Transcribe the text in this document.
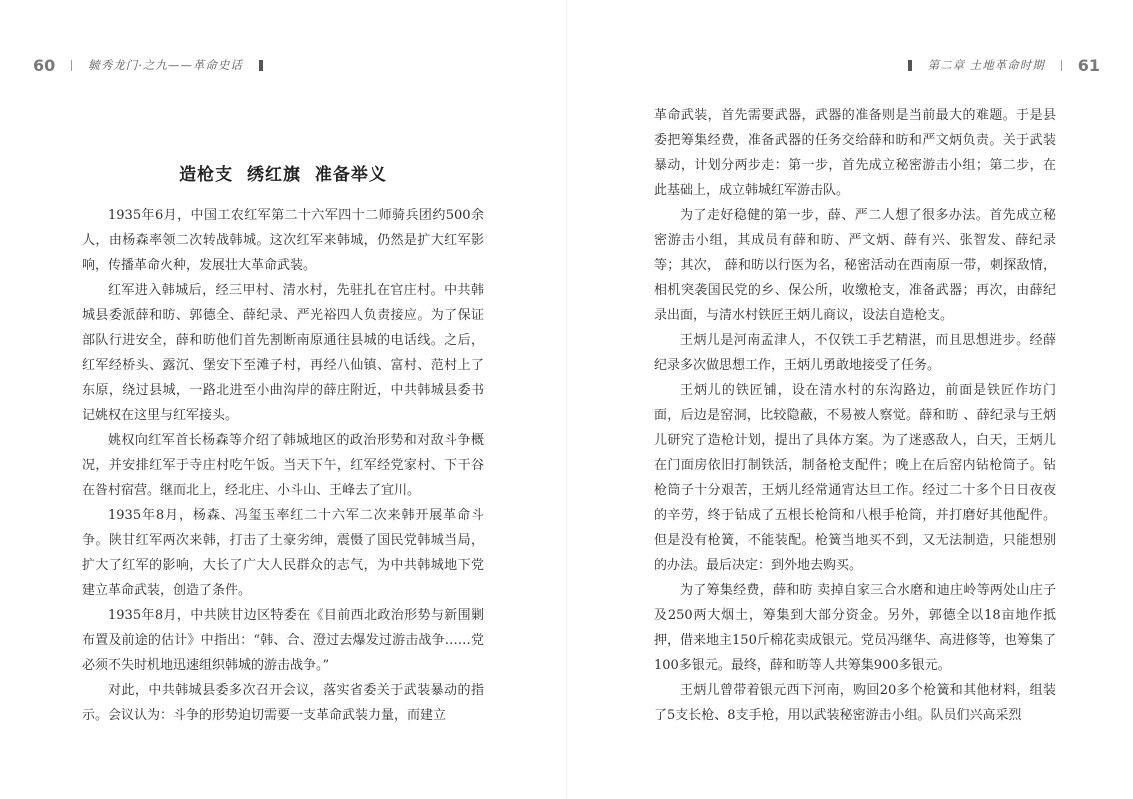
60	毓秀龙门·之九——革命史话
造枪支  绣红旗  准备举义

1935年6月，中国工农红军第二十六军四十二师骑兵团约500余人，由杨森率领二次转战韩城。这次红军来韩城，仍然是扩大红军影响，传播革命火种，发展壮大革命武装。

红军进入韩城后，经三甲村、清水村，先驻扎在官庄村。中共韩城县委派薛和昉、郭德全、薛纪录、严光裕四人负责接应。为了保证部队行进安全，薛和昉他们首先割断南原通往县城的电话线。之后，红军经桥头、露沉、堡安下至滩子村，再经八仙镇、富村、范村上了东原，绕过县城，一路北进至小曲沟岸的薛庄附近，中共韩城县委书记姚权在这里与红军接头。

姚权向红军首长杨森等介绍了韩城地区的政治形势和对敌斗争概况，并安排红军于寺庄村吃午饭。当天下午，红军经党家村、下干谷在昝村宿营。继而北上，经北庄、小斗山、王峰去了宜川。

1935年8月，杨森、冯玺玉率红二十六军二次来韩开展革命斗争。陕甘红军两次来韩，打击了土豪劣绅，震慑了国民党韩城当局，扩大了红军的影响，大长了广大人民群众的志气，为中共韩城地下党建立革命武装，创造了条件。

1935年8月，中共陕甘边区特委在《目前西北政治形势与新围剿布置及前途的估计》中指出：“韩、合、澄过去爆发过游击战争……党必须不失时机地迅速组织韩城的游击战争。”

对此，中共韩城县委多次召开会议，落实省委关于武装暴动的指示。会议认为：斗争的形势迫切需要一支革命武装力量，而建立

第二章 土地革命时期 61

革命武装，首先需要武器，武器的准备则是当前最大的难题。于是县委把筹集经费，准备武器的任务交给薛和昉和严文炳负责。关于武装暴动，计划分两步走：第一步，首先成立秘密游击小组；第二步，在此基础上，成立韩城红军游击队。

为了走好稳健的第一步，薛、严二人想了很多办法。首先成立秘密游击小组，其成员有薛和昉、严文炳、薛有兴、张智发、薛纪录等；其次， 薛和昉以行医为名，秘密活动在西南原一带，刺探敌情，相机突袭国民党的乡、保公所，收缴枪支，准备武器；再次，由薛纪录出面，与清水村铁匠王炳儿商议，设法自造枪支。

王炳儿是河南孟津人，不仅铁工手艺精湛，而且思想进步。经薛纪录多次做思想工作，王炳儿勇敢地接受了任务。

王炳儿的铁匠铺，设在清水村的东沟路边，前面是铁匠作坊门面，后边是窑洞，比较隐蔽，不易被人察觉。薛和昉 、薛纪录与王炳儿研究了造枪计划，提出了具体方案。为了迷惑敌人，白天，王炳儿在门面房依旧打制铁活，制备枪支配件；晚上在后窑内钻枪筒子。钻枪筒子十分艰苦，王炳儿经常通宵达旦工作。经过二十多个日日夜夜的辛劳，终于钻成了五根长枪筒和八根手枪筒，并打磨好其他配件。但是没有枪簧，不能装配。枪簧当地买不到，又无法制造，只能想别的办法。最后决定：到外地去购买。

为了筹集经费，薛和昉 卖掉自家三合水磨和迪庄岭等两处山庄子及250两大烟土，筹集到大部分资金。另外，郭德全以18亩地作抵押，借来地主150斤棉花卖成银元。党员冯继华、高进修等，也筹集了100多银元。最终，薛和昉等人共筹集900多银元。

王炳儿曾带着银元西下河南，购回20多个枪簧和其他材料，组装了5支长枪、8支手枪，用以武装秘密游击小组。队员们兴高采烈
